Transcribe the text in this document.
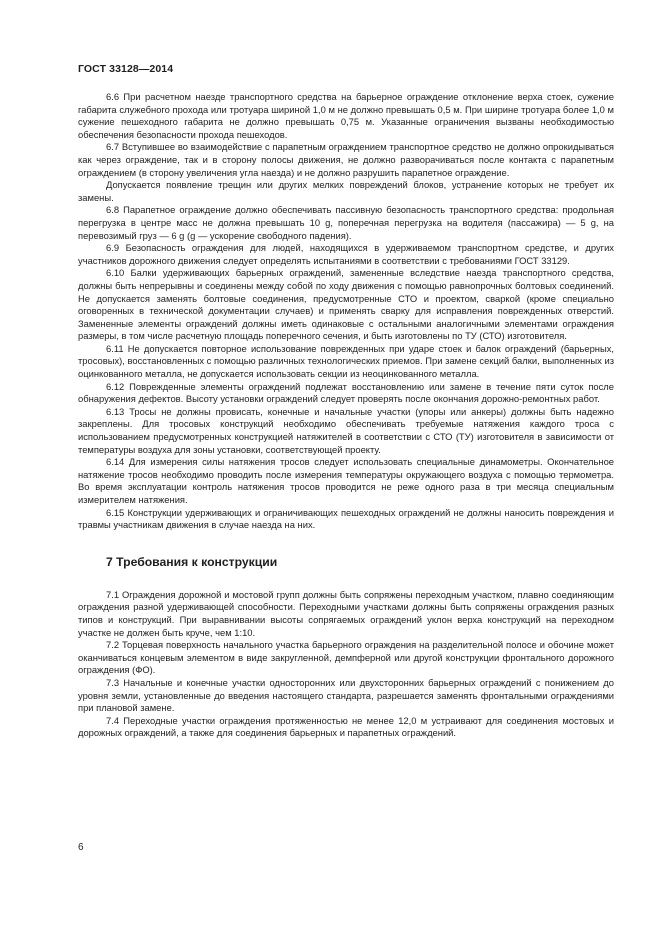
ГОСТ 33128—2014

6.6 При расчетном наезде транспортного средства на барьерное ограждение отклонение верха стоек, сужение габарита служебного прохода или тротуара шириной 1,0 м не должно превышать 0,5 м. При ширине тротуара более 1,0 м сужение пешеходного габарита не должно превышать 0,75 м. Указанные ограничения вызваны необходимостью обеспечения безопасности прохода пешеходов.

6.7 Вступившее во взаимодействие с парапетным ограждением транспортное средство не должно опрокидываться как через ограждение, так и в сторону полосы движения, не должно разворачиваться после контакта с парапетным ограждением (в сторону увеличения угла наезда) и не должно разрушить парапетное ограждение.

Допускается появление трещин или других мелких повреждений блоков, устранение которых не требует их замены.

6.8 Парапетное ограждение должно обеспечивать пассивную безопасность транспортного средства: продольная перегрузка в центре масс не должна превышать 10 g, поперечная перегрузка на водителя (пассажира) — 5 g, на перевозимый груз — 6 g (g — ускорение свободного падения).

6.9 Безопасность ограждения для людей, находящихся в удерживаемом транспортном средстве, и других участников дорожного движения следует определять испытаниями в соответствии с требованиями ГОСТ 33129.

6.10 Балки удерживающих барьерных ограждений, замененные вследствие наезда транспортного средства, должны быть непрерывны и соединены между собой по ходу движения с помощью равнопрочных болтовых соединений. Не допускается заменять болтовые соединения, предусмотренные СТО и проектом, сваркой (кроме специально оговоренных в технической документации случаев) и применять сварку для исправления поврежденных отверстий. Замененные элементы ограждений должны иметь одинаковые с остальными аналогичными элементами ограждения размеры, в том числе расчетную площадь поперечного сечения, и быть изготовлены по ТУ (СТО) изготовителя.

6.11 Не допускается повторное использование поврежденных при ударе стоек и балок ограждений (барьерных, тросовых), восстановленных с помощью различных технологических приемов. При замене секций балки, выполненных из оцинкованного металла, не допускается использовать секции из неоцинкованного металла.

6.12 Поврежденные элементы ограждений подлежат восстановлению или замене в течение пяти суток после обнаружения дефектов. Высоту установки ограждений следует проверять после окончания дорожно-ремонтных работ.

6.13 Тросы не должны провисать, конечные и начальные участки (упоры или анкеры) должны быть надежно закреплены. Для тросовых конструкций необходимо обеспечивать требуемые натяжения каждого троса с использованием предусмотренных конструкцией натяжителей в соответствии с СТО (ТУ) изготовителя в зависимости от температуры воздуха для зоны установки, соответствующей проекту.

6.14 Для измерения силы натяжения тросов следует использовать специальные динамометры. Окончательное натяжение тросов необходимо проводить после измерения температуры окружающего воздуха с помощью термометра. Во время эксплуатации контроль натяжения тросов проводится не реже одного раза в три месяца специальным измерителем натяжения.

6.15 Конструкции удерживающих и ограничивающих пешеходных ограждений не должны наносить повреждения и травмы участникам движения в случае наезда на них.

7 Требования к конструкции

7.1 Ограждения дорожной и мостовой групп должны быть сопряжены переходным участком, плавно соединяющим ограждения разной удерживающей способности. Переходными участками должны быть сопряжены ограждения разных типов и конструкций. При выравнивании высоты сопрягаемых ограждений уклон верха конструкций на переходном участке не должен быть круче, чем 1:10.

7.2 Торцевая поверхность начального участка барьерного ограждения на разделительной полосе и обочине может оканчиваться концевым элементом в виде закругленной, демпферной или другой конструкции фронтального дорожного ограждения (ФО).

7.3 Начальные и конечные участки односторонних или двухсторонних барьерных ограждений с понижением до уровня земли, установленные до введения настоящего стандарта, разрешается заменять фронтальными ограждениями при плановой замене.

7.4 Переходные участки ограждения протяженностью не менее 12,0 м устраивают для соединения мостовых и дорожных ограждений, а также для соединения барьерных и парапетных ограждений.

6
